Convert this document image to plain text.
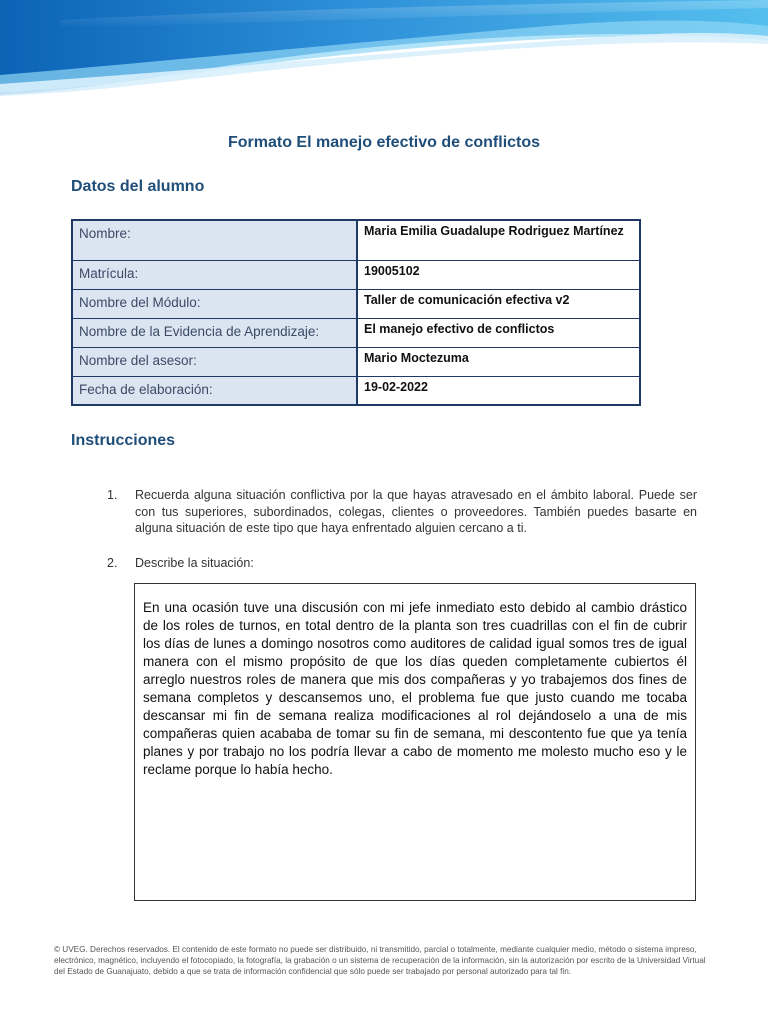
Formato El manejo efectivo de conflictos
Datos del alumno
Nombre:	Maria Emilia Guadalupe Rodriguez Martínez
Matrícula:	19005102
Nombre del Módulo:	Taller de comunicación efectiva v2
Nombre de la Evidencia de Aprendizaje:	El manejo efectivo de conflictos
Nombre del asesor:	Mario Moctezuma
Fecha de elaboración:	19-02-2022
Instrucciones
1.	Recuerda alguna situación conflictiva por la que hayas atravesado en el ámbito laboral. Puede ser con tus superiores, subordinados, colegas, clientes o proveedores. También puedes basarte en alguna situación de este tipo que haya enfrentado alguien cercano a ti.
2.	Describe la situación:

En una ocasión tuve una discusión con mi jefe inmediato esto debido al cambio drástico de los roles de turnos, en total dentro de la planta son tres cuadrillas con el fin de cubrir los días de lunes a domingo nosotros como auditores de calidad igual somos tres de igual manera con el mismo propósito de que los días queden completamente cubiertos él arreglo nuestros roles de manera que mis dos compañeras y yo trabajemos dos fines de semana completos y descansemos uno, el problema fue que justo cuando me tocaba descansar mi fin de semana realiza modificaciones al rol dejándoselo a una de mis compañeras quien acababa de tomar su fin de semana, mi descontento fue que ya tenía planes y por trabajo no los podría llevar a cabo de momento me molesto mucho eso y le reclame porque lo había hecho.

© UVEG. Derechos reservados. El contenido de este formato no puede ser distribuido, ni transmitido, parcial o totalmente, mediante cualquier medio, método o sistema impreso, electrónico, magnético, incluyendo el fotocopiado, la fotografía, la grabación o un sistema de recuperación de la información, sin la autorización por escrito de la Universidad Virtual del Estado de Guanajuato, debido a que se trata de información confidencial que sólo puede ser trabajado por personal autorizado para tal fin.
